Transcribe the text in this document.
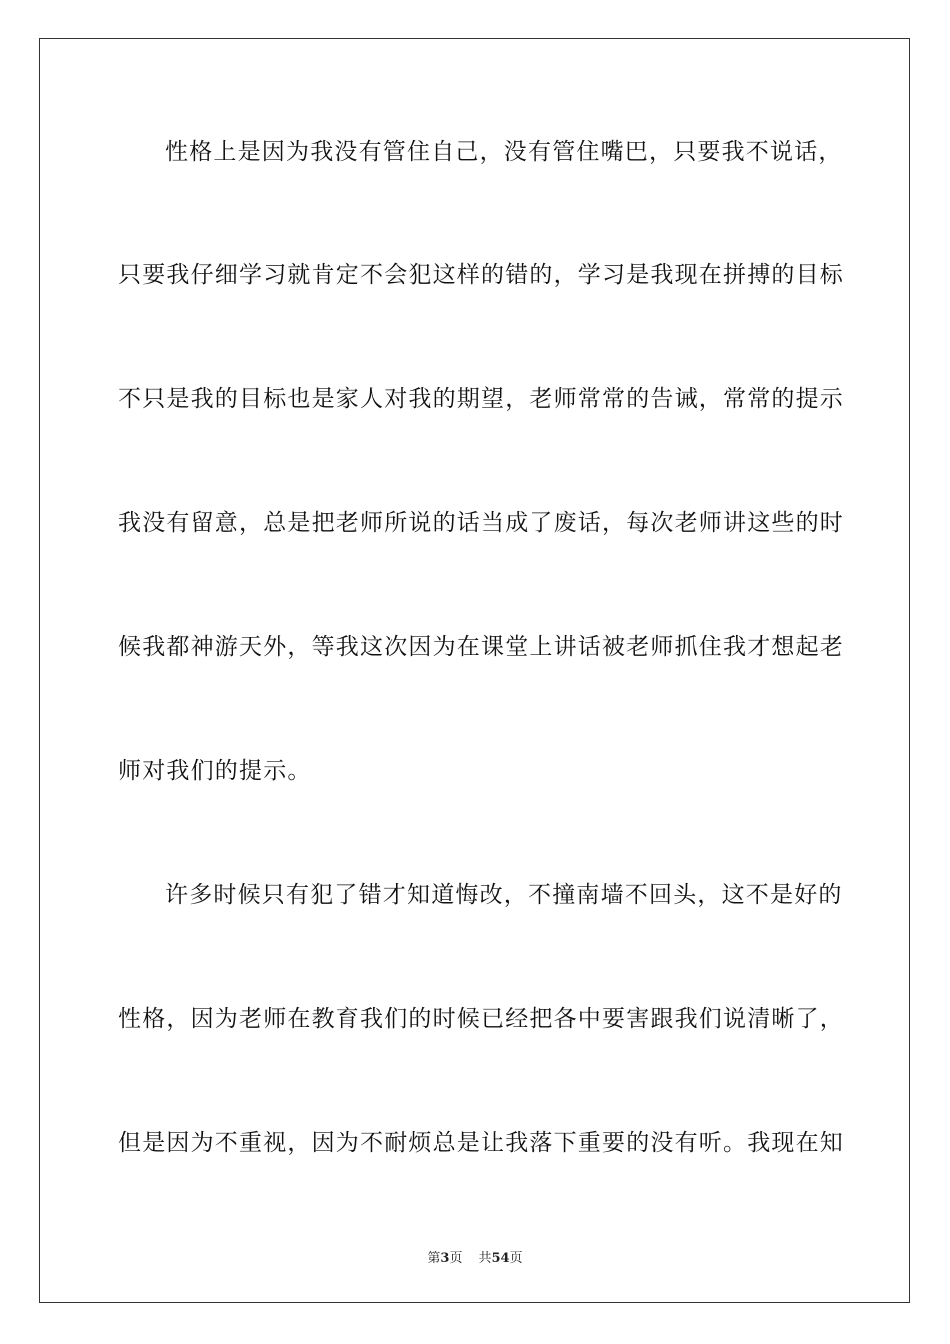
性格上是因为我没有管住自己，没有管住嘴巴，只要我不说话，
只要我仔细学习就肯定不会犯这样的错的，学习是我现在拼搏的目标
不只是我的目标也是家人对我的期望，老师常常的告诫，常常的提示
我没有留意，总是把老师所说的话当成了废话，每次老师讲这些的时
候我都神游天外，等我这次因为在课堂上讲话被老师抓住我才想起老
师对我们的提示。
许多时候只有犯了错才知道悔改，不撞南墙不回头，这不是好的
性格，因为老师在教育我们的时候已经把各中要害跟我们说清晰了，
但是因为不重视，因为不耐烦总是让我落下重要的没有听。我现在知
第3页 共54页
